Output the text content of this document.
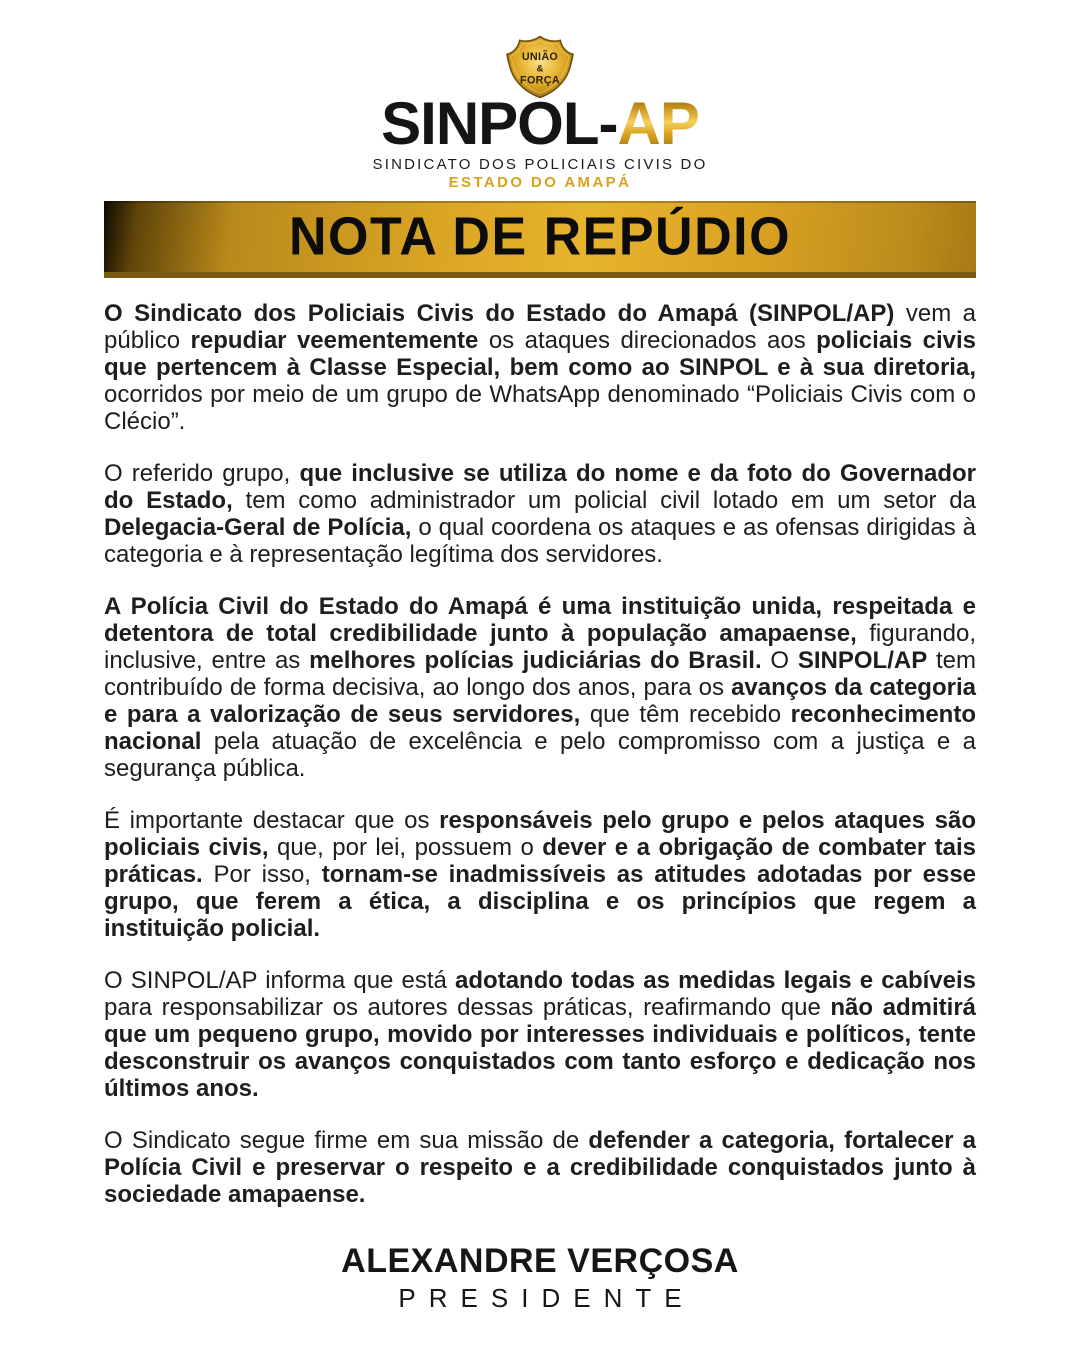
UNIÃO
&
FORÇA
SINPOL-AP
SINDICATO DOS POLICIAIS CIVIS DO
ESTADO DO AMAPÁ
NOTA DE REPÚDIO

O Sindicato dos Policiais Civis do Estado do Amapá (SINPOL/AP) vem a público repudiar veementemente os ataques direcionados aos policiais civis que pertencem à Classe Especial, bem como ao SINPOL e à sua diretoria, ocorridos por meio de um grupo de WhatsApp denominado “Policiais Civis com o Clécio”.

O referido grupo, que inclusive se utiliza do nome e da foto do Governador do Estado, tem como administrador um policial civil lotado em um setor da Delegacia-Geral de Polícia, o qual coordena os ataques e as ofensas dirigidas à categoria e à representação legítima dos servidores.

A Polícia Civil do Estado do Amapá é uma instituição unida, respeitada e detentora de total credibilidade junto à população amapaense, figurando, inclusive, entre as melhores polícias judiciárias do Brasil. O SINPOL/AP tem contribuído de forma decisiva, ao longo dos anos, para os avanços da categoria e para a valorização de seus servidores, que têm recebido reconhecimento nacional pela atuação de excelência e pelo compromisso com a justiça e a segurança pública.

É importante destacar que os responsáveis pelo grupo e pelos ataques são policiais civis, que, por lei, possuem o dever e a obrigação de combater tais práticas. Por isso, tornam-se inadmissíveis as atitudes adotadas por esse grupo, que ferem a ética, a disciplina e os princípios que regem a instituição policial.

O SINPOL/AP informa que está adotando todas as medidas legais e cabíveis para responsabilizar os autores dessas práticas, reafirmando que não admitirá que um pequeno grupo, movido por interesses individuais e políticos, tente desconstruir os avanços conquistados com tanto esforço e dedicação nos últimos anos.

O Sindicato segue firme em sua missão de defender a categoria, fortalecer a Polícia Civil e preservar o respeito e a credibilidade conquistados junto à sociedade amapaense.

ALEXANDRE VERÇOSA
PRESIDENTE
